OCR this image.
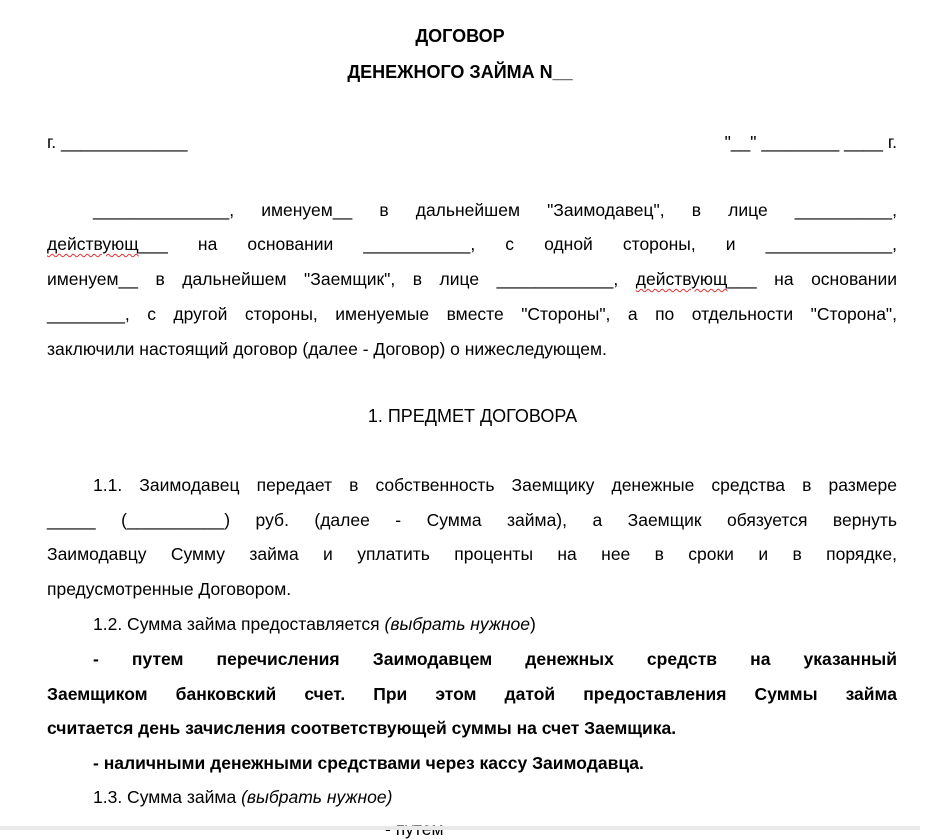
ДОГОВОР
ДЕНЕЖНОГО ЗАЙМА N__
г. _____________	"__" ________ ____ г.
______________, именуем__ в дальнейшем "Заимодавец", в лице __________,
действующ___ на основании ___________, с одной стороны, и _____________,
именуем__ в дальнейшем "Заемщик", в лице ____________, действующ___ на основании
________, с другой стороны, именуемые вместе "Стороны", а по отдельности "Сторона",
заключили настоящий договор (далее - Договор) о нижеследующем.
1. ПРЕДМЕТ ДОГОВОРА
1.1. Заимодавец передает в собственность Заемщику денежные средства в размере
_____ (__________) руб. (далее - Сумма займа), а Заемщик обязуется вернуть
Заимодавцу Сумму займа и уплатить проценты на нее в сроки и в порядке,
предусмотренные Договором.
1.2. Сумма займа предоставляется (выбрать нужное)
- путем перечисления Заимодавцем денежных средств на указанный
Заемщиком банковский счет. При этом датой предоставления Суммы займа
считается день зачисления соответствующей суммы на счет Заемщика.
- наличными денежными средствами через кассу Заимодавца.
1.3. Сумма займа (выбрать нужное)
